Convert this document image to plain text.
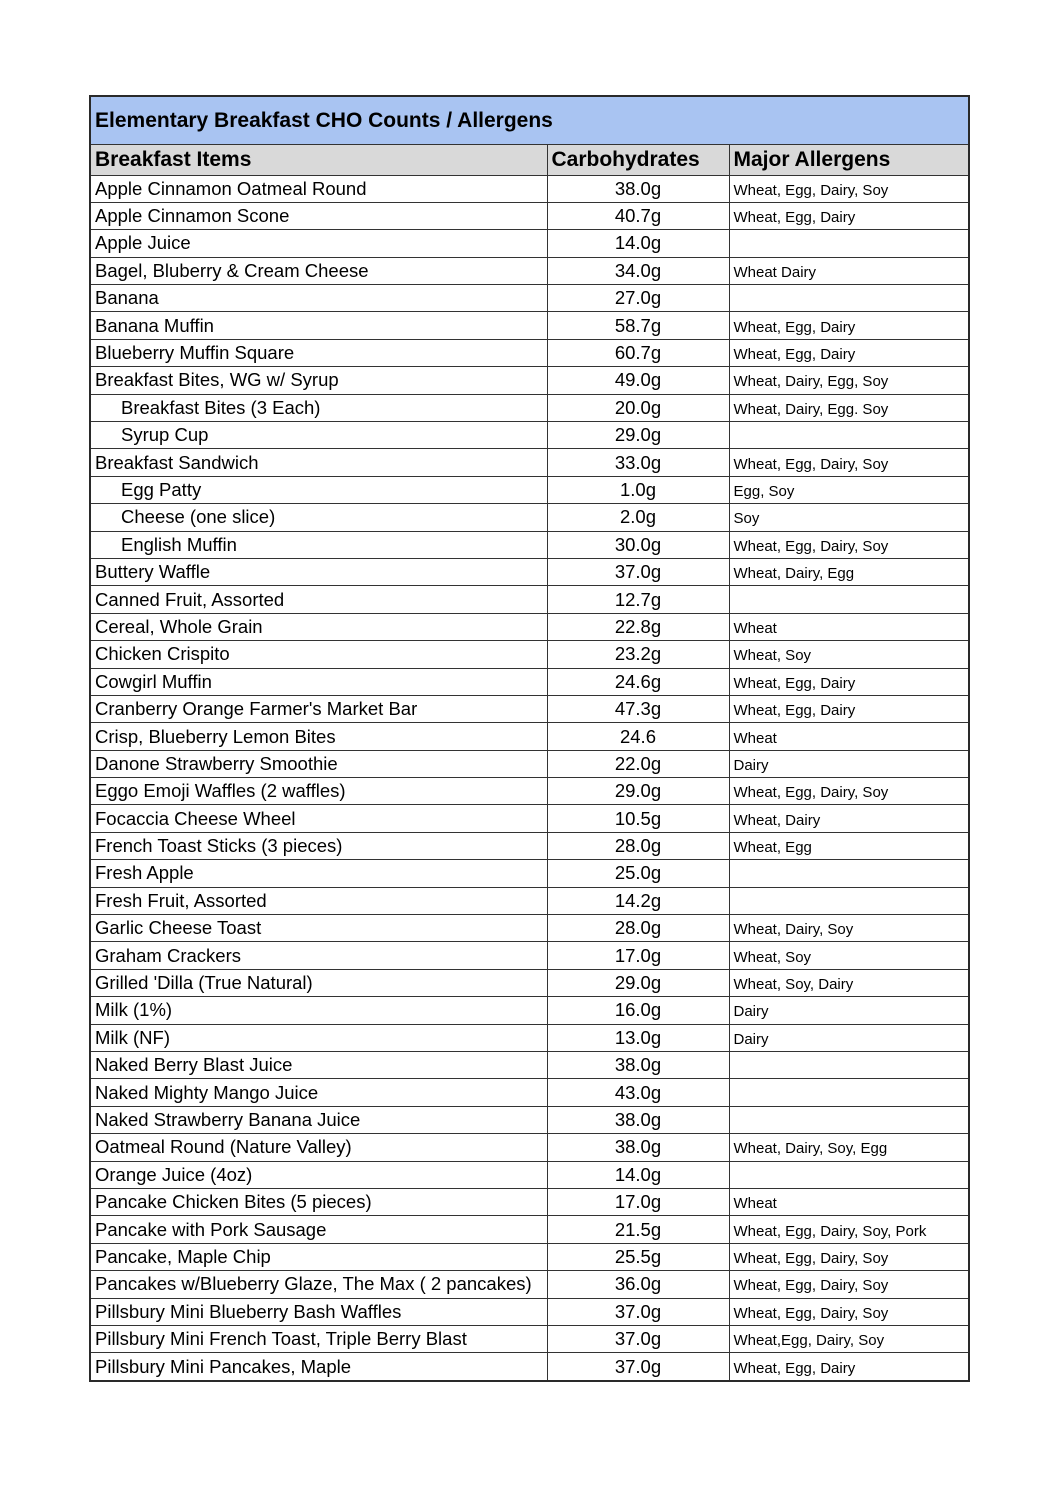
Elementary Breakfast CHO Counts / Allergens
Breakfast Items	Carbohydrates	Major Allergens
Apple Cinnamon Oatmeal Round	38.0g	Wheat, Egg, Dairy, Soy
Apple Cinnamon Scone	40.7g	Wheat, Egg, Dairy
Apple Juice	14.0g	
Bagel, Bluberry & Cream Cheese	34.0g	Wheat Dairy
Banana	27.0g	
Banana Muffin	58.7g	Wheat, Egg, Dairy
Blueberry Muffin Square	60.7g	Wheat, Egg, Dairy
Breakfast Bites, WG w/ Syrup	49.0g	Wheat, Dairy, Egg, Soy
Breakfast Bites (3 Each)	20.0g	Wheat, Dairy, Egg. Soy
Syrup Cup	29.0g	
Breakfast Sandwich	33.0g	Wheat, Egg, Dairy, Soy
Egg Patty	1.0g	Egg, Soy
Cheese (one slice)	2.0g	Soy
English Muffin	30.0g	Wheat, Egg, Dairy, Soy
Buttery Waffle	37.0g	Wheat, Dairy, Egg
Canned Fruit, Assorted	12.7g	
Cereal, Whole Grain	22.8g	Wheat
Chicken Crispito	23.2g	Wheat, Soy
Cowgirl Muffin	24.6g	Wheat, Egg, Dairy
Cranberry Orange Farmer's Market Bar	47.3g	Wheat, Egg, Dairy
Crisp, Blueberry Lemon Bites	24.6	Wheat
Danone Strawberry Smoothie	22.0g	Dairy
Eggo Emoji Waffles (2 waffles)	29.0g	Wheat, Egg, Dairy, Soy
Focaccia Cheese Wheel	10.5g	Wheat, Dairy
French Toast Sticks (3 pieces)	28.0g	Wheat, Egg
Fresh Apple	25.0g	
Fresh Fruit, Assorted	14.2g	
Garlic Cheese Toast	28.0g	Wheat, Dairy, Soy
Graham Crackers	17.0g	Wheat, Soy
Grilled 'Dilla (True Natural)	29.0g	Wheat, Soy, Dairy
Milk (1%)	16.0g	Dairy
Milk (NF)	13.0g	Dairy
Naked Berry Blast Juice	38.0g	
Naked Mighty Mango Juice	43.0g	
Naked Strawberry Banana Juice	38.0g	
Oatmeal Round (Nature Valley)	38.0g	Wheat, Dairy, Soy, Egg
Orange Juice (4oz)	14.0g	
Pancake Chicken Bites (5 pieces)	17.0g	Wheat
Pancake with Pork Sausage	21.5g	Wheat, Egg, Dairy, Soy, Pork
Pancake, Maple Chip	25.5g	Wheat, Egg, Dairy, Soy
Pancakes w/Blueberry Glaze, The Max ( 2 pancakes)	36.0g	Wheat, Egg, Dairy, Soy
Pillsbury Mini Blueberry Bash Waffles	37.0g	Wheat, Egg, Dairy, Soy
Pillsbury Mini French Toast, Triple Berry Blast	37.0g	Wheat,Egg, Dairy, Soy
Pillsbury Mini Pancakes, Maple	37.0g	Wheat, Egg, Dairy
